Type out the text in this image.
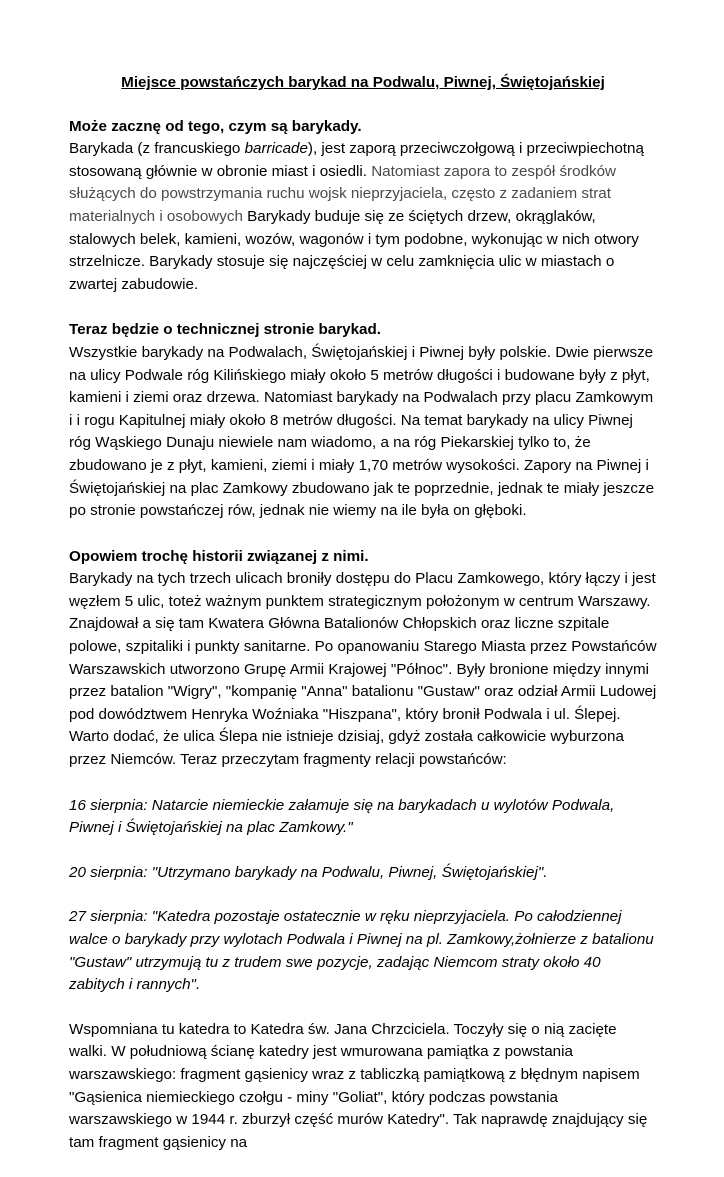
Miejsce powstańczych barykad na Podwalu, Piwnej, Świętojańskiej
Może zacznę od tego, czym są barykady.
Barykada (z francuskiego barricade), jest zaporą przeciwczołgową i przeciwpiechotną stosowaną głównie w obronie miast i osiedli. Natomiast zapora to zespół środków służących do powstrzymania ruchu wojsk nieprzyjaciela, często z zadaniem strat materialnych i osobowych Barykady buduje się ze ściętych drzew, okrąglaków, stalowych belek, kamieni, wozów, wagonów i tym podobne, wykonując w nich otwory strzelnicze. Barykady stosuje się najczęściej w celu zamknięcia ulic w miastach o zwartej zabudowie.
Teraz będzie o technicznej stronie barykad.
Wszystkie barykady na Podwalach, Świętojańskiej i Piwnej były polskie. Dwie pierwsze na ulicy Podwale róg Kilińskiego miały około 5 metrów długości i budowane były z płyt, kamieni i ziemi oraz drzewa. Natomiast barykady na Podwalach przy placu Zamkowym i i rogu Kapitulnej miały około 8 metrów długości. Na temat barykady na ulicy Piwnej róg Wąskiego Dunaju niewiele nam wiadomo, a na róg Piekarskiej tylko to, że zbudowano je z płyt, kamieni, ziemi i miały 1,70 metrów wysokości. Zapory na Piwnej i Świętojańskiej na plac Zamkowy zbudowano jak te poprzednie, jednak te miały jeszcze po stronie powstańczej rów, jednak nie wiemy na ile była on głęboki.
Opowiem trochę historii związanej z nimi.
Barykady na tych trzech ulicach broniły dostępu do Placu Zamkowego, który łączy i jest węzłem 5 ulic, toteż ważnym punktem strategicznym położonym w centrum Warszawy. Znajdował a się tam Kwatera Główna Batalionów Chłopskich oraz liczne szpitale polowe, szpitaliki i punkty sanitarne. Po opanowaniu Starego Miasta przez Powstańców Warszawskich utworzono Grupę Armii Krajowej "Północ". Były bronione między innymi przez batalion "Wigry", "kompanię "Anna" batalionu "Gustaw" oraz odział Armii Ludowej pod dowództwem Henryka Woźniaka "Hiszpana", który bronił Podwala i ul. Ślepej. Warto dodać, że ulica Ślepa nie istnieje dzisiaj, gdyż została całkowicie wyburzona przez Niemców. Teraz przeczytam fragmenty relacji powstańców:
16 sierpnia: Natarcie niemieckie załamuje się na barykadach u wylotów Podwala, Piwnej i Świętojańskiej na plac Zamkowy."
20 sierpnia: "Utrzymano barykady na Podwalu, Piwnej, Świętojańskiej".
27 sierpnia: "Katedra pozostaje ostatecznie w ręku nieprzyjaciela. Po całodziennej walce o barykady przy wylotach Podwala i Piwnej na pl. Zamkowy,żołnierze z batalionu "Gustaw" utrzymują tu z trudem swe pozycje, zadając Niemcom straty około 40 zabitych i rannych".
Wspomniana tu katedra to Katedra św. Jana Chrzciciela. Toczyły się o nią zacięte walki. W południową ścianę katedry jest wmurowana pamiątka z powstania warszawskiego: fragment gąsienicy wraz z tabliczką pamiątkową z błędnym napisem "Gąsienica niemieckiego czołgu - miny "Goliat", który podczas powstania warszawskiego w 1944 r. zburzył część murów Katedry". Tak naprawdę znajdujący się tam fragment gąsienicy na
